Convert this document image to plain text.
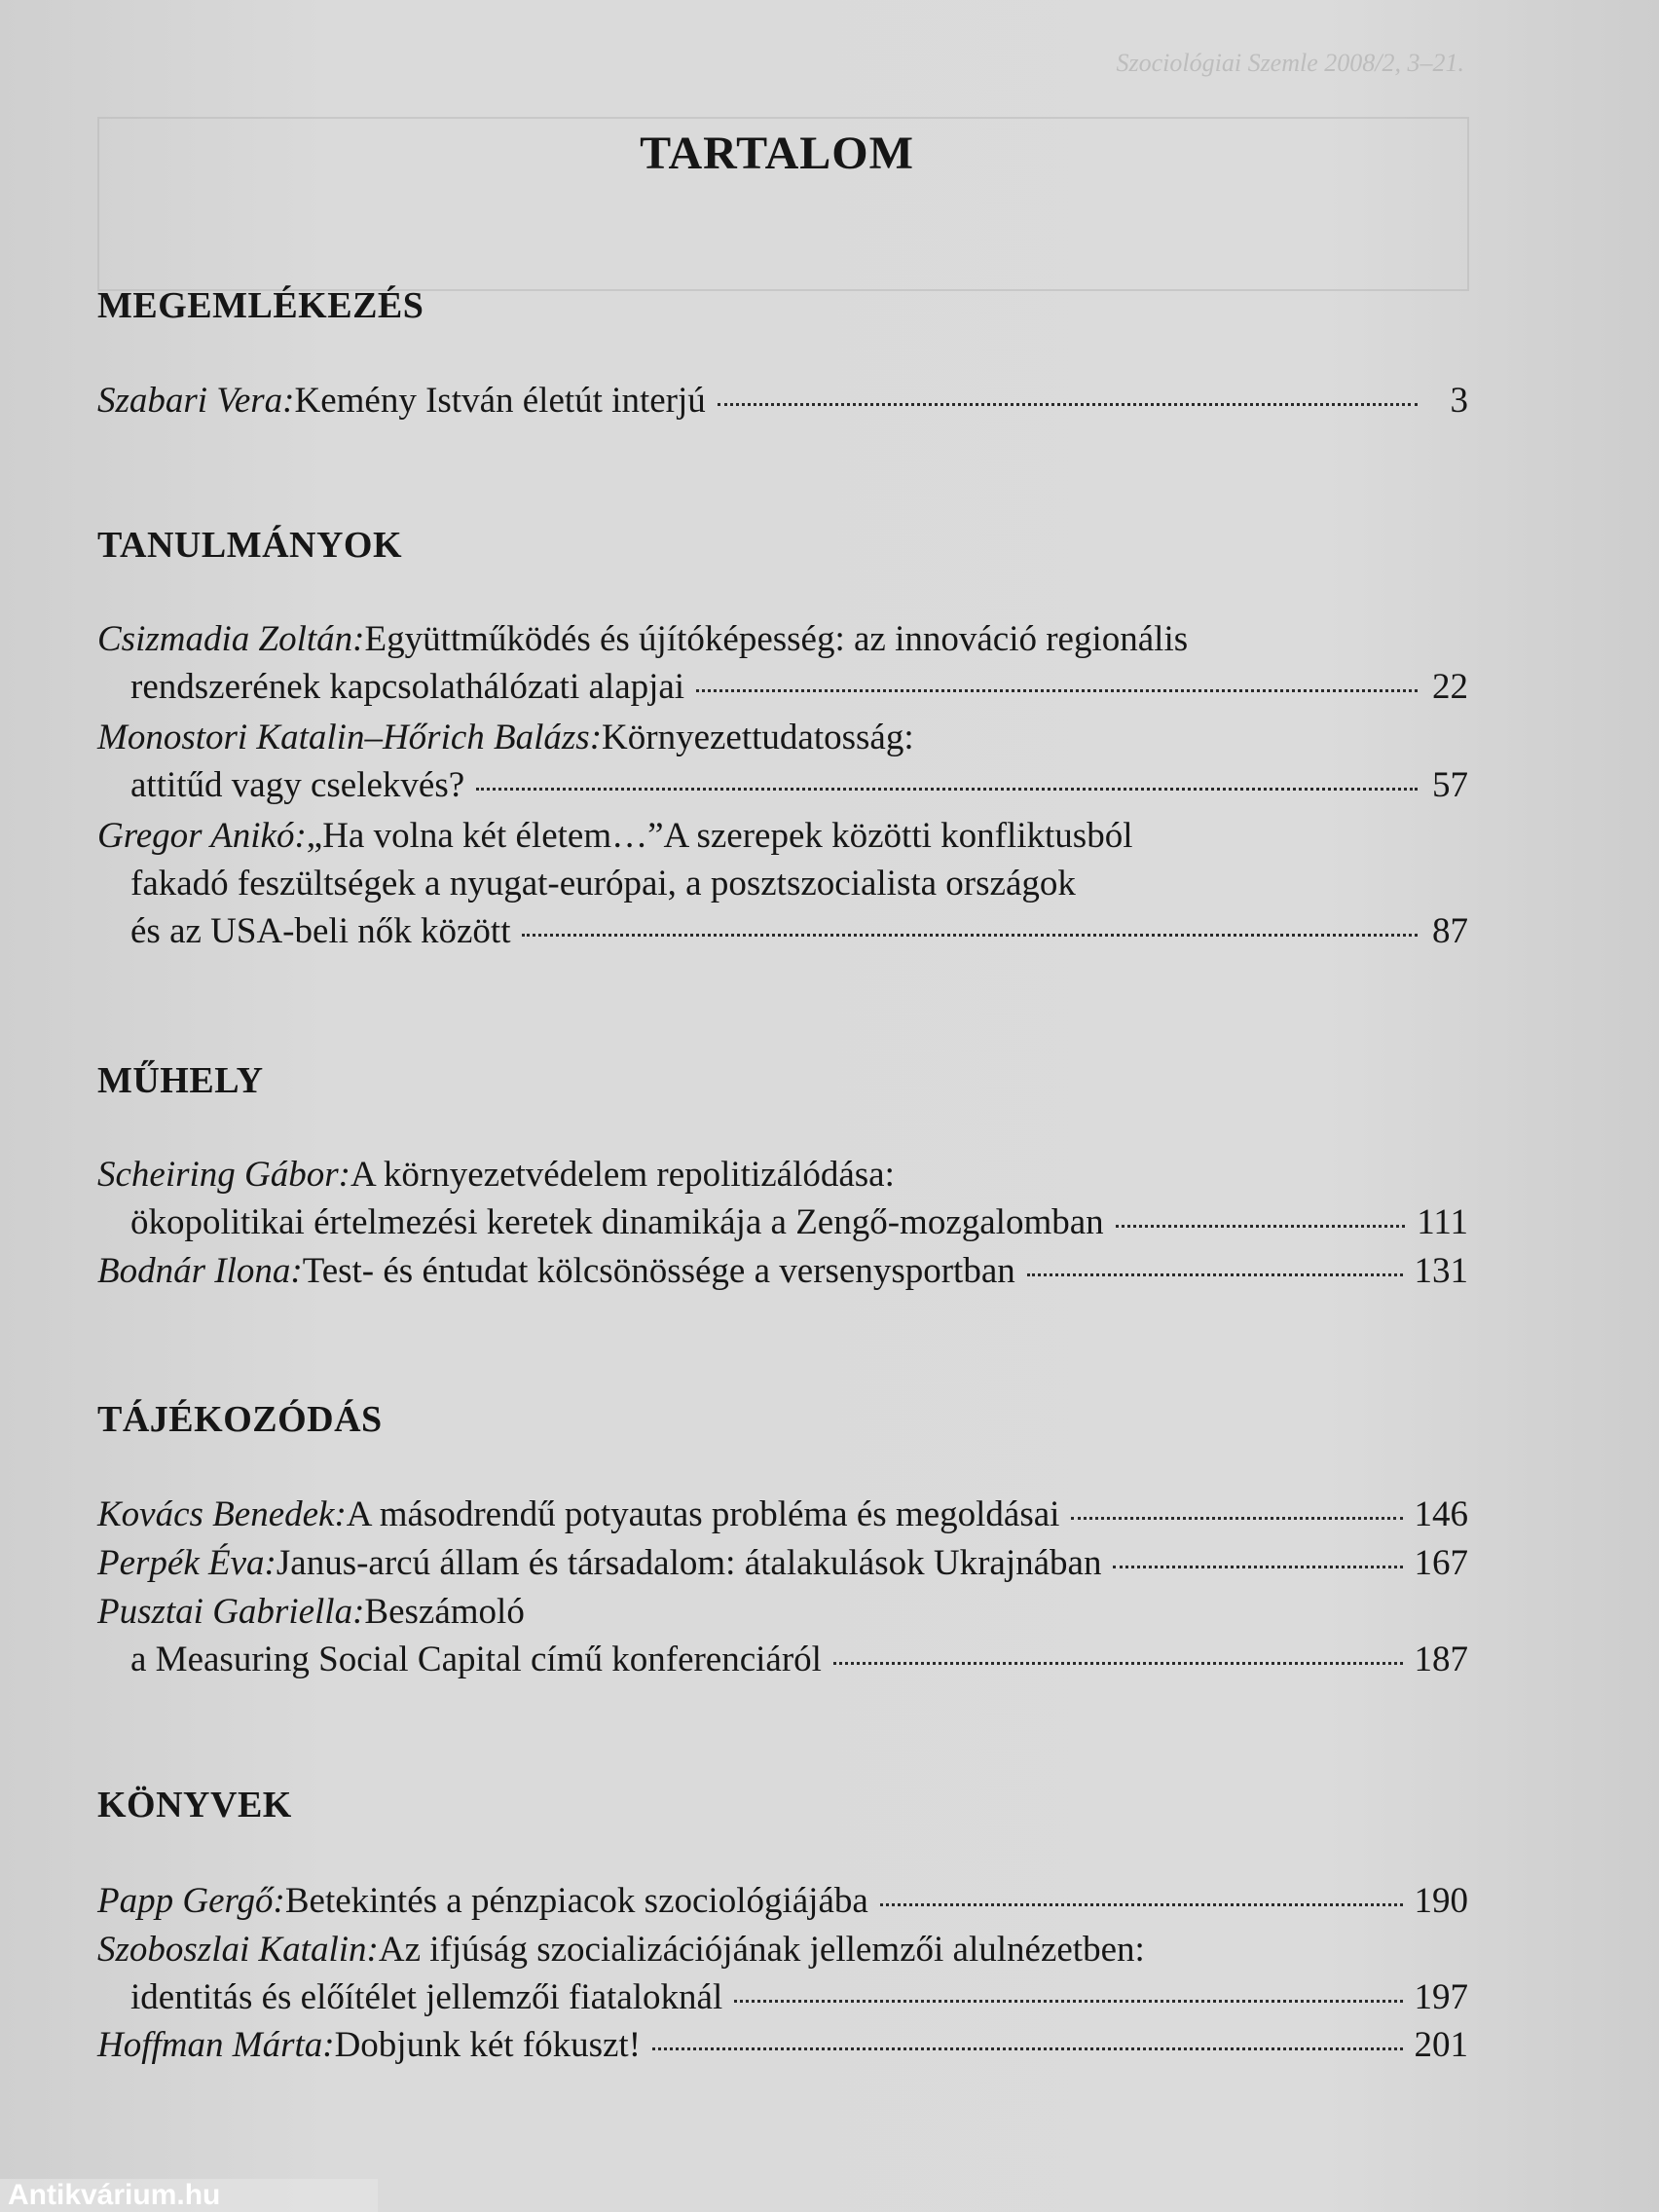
Szociológiai Szemle 2008/2, 3–21.
TARTALOM
MEGEMLÉKEZÉS
Szabari Vera: Kemény István életút interjú	3
TANULMÁNYOK
Csizmadia Zoltán: Együttműködés és újítóképesség: az innováció regionális
rendszerének kapcsolathálózati alapjai	22
Monostori Katalin–Hőrich Balázs: Környezettudatosság:
attitűd vagy cselekvés?	57
Gregor Anikó: „Ha volna két életem…”A szerepek közötti konfliktusból
fakadó feszültségek a nyugat-európai, a posztszocialista országok
és az USA-beli nők között	87
MŰHELY
Scheiring Gábor: A környezetvédelem repolitizálódása:
ökopolitikai értelmezési keretek dinamikája a Zengő-mozgalomban	111
Bodnár Ilona: Test- és éntudat kölcsönössége a versenysportban	131
TÁJÉKOZÓDÁS
Kovács Benedek: A másodrendű potyautas probléma és megoldásai	146
Perpék Éva: Janus-arcú állam és társadalom: átalakulások Ukrajnában	167
Pusztai Gabriella: Beszámoló
a Measuring Social Capital című konferenciáról	187
KÖNYVEK
Papp Gergő: Betekintés a pénzpiacok szociológiájába	190
Szoboszlai Katalin: Az ifjúság szocializációjának jellemzői alulnézetben:
identitás és előítélet jellemzői fiataloknál	197
Hoffman Márta: Dobjunk két fókuszt!	201
Antikvárium.hu
